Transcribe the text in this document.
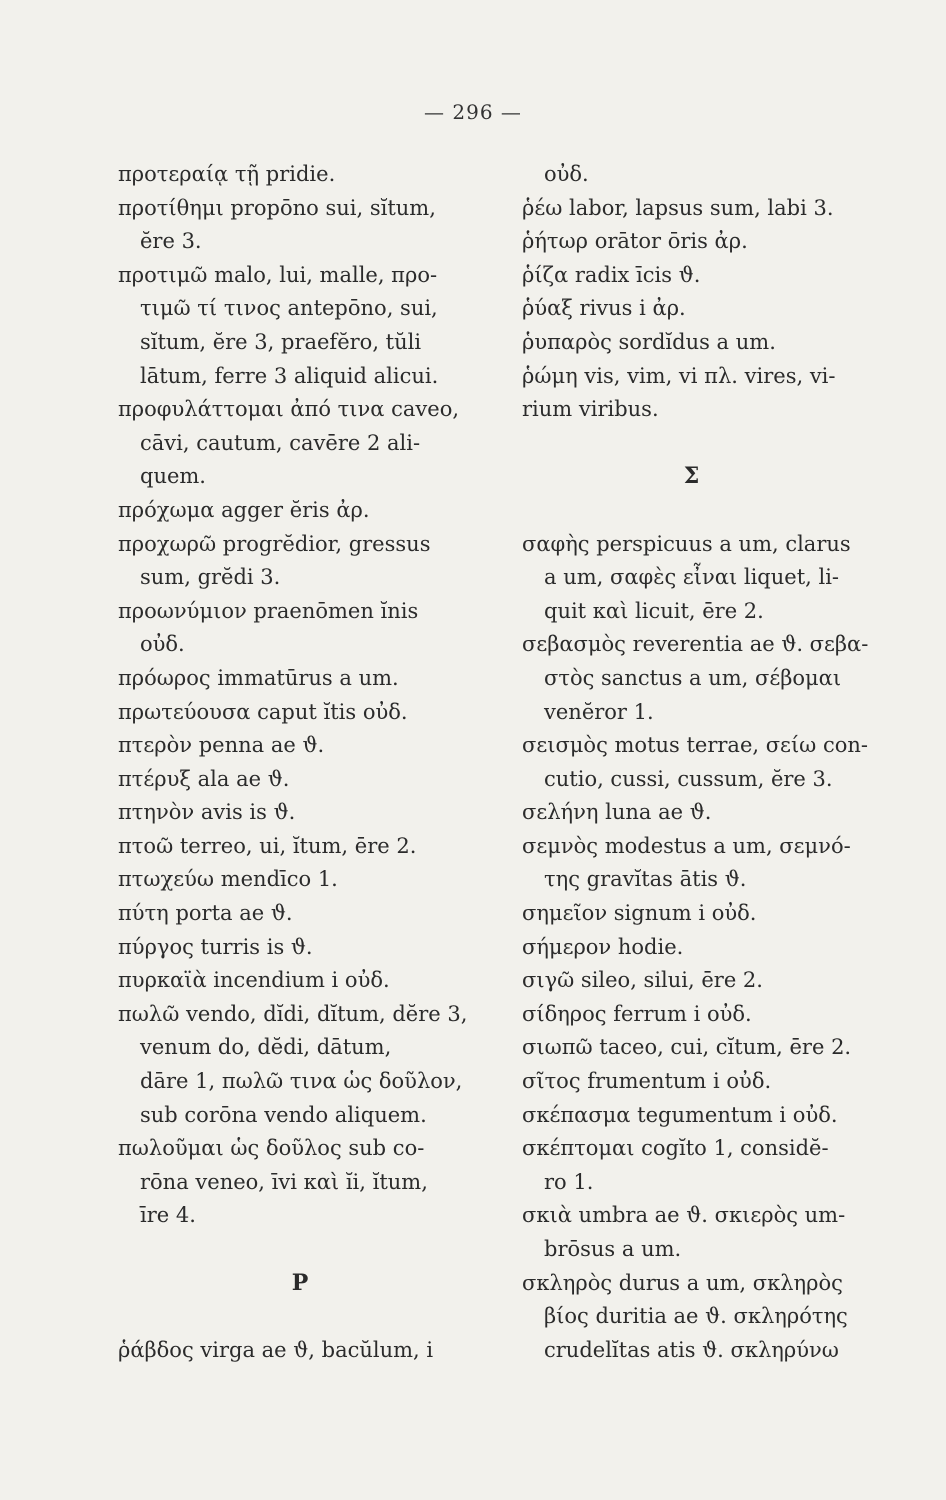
— 296 —
προτεραίᾳ τῇ pridie.
προτίθημι propōno sui, sĭtum,
ĕre 3.
προτιμῶ malo, lui, malle, προ-
τιμῶ τί τινος antepōno, sui,
sĭtum, ĕre 3, praefĕro, tŭli
lātum, ferre 3 aliquid alicui.
προφυλάττομαι ἀπό τινα caveo,
cāvi, cautum, cavēre 2 ali-
quem.
πρόχωμα agger ĕris ἀρ.
προχωρῶ progrĕdior, gressus
sum, grĕdi 3.
προωνύμιον praenōmen ĭnis
οὐδ.
πρόωρος immatūrus a um.
πρωτεύουσα caput ĭtis οὐδ.
πτερὸν penna ae ϑ.
πτέρυξ ala ae ϑ.
πτηνὸν avis is ϑ.
πτοῶ terreo, ui, ĭtum, ēre 2.
πτωχεύω mendīco 1.
πύτη porta ae ϑ.
πύργος turris is ϑ.
πυρκαϊὰ incendium i οὐδ.
πωλῶ vendo, dĭdi, dĭtum, dĕre 3,
venum do, dĕdi, dātum,
dāre 1, πωλῶ τινα ὡς δοῦλον,
sub corōna vendo aliquem.
πωλοῦμαι ὡς δοῦλος sub co-
rōna veneo, īvi καὶ ĭi, ĭtum,
īre 4.
Ρ
ῥάβδος virga ae ϑ, bacŭlum, i
οὐδ.
ῥέω labor, lapsus sum, labi 3.
ῥήτωρ orātor ōris ἀρ.
ῥίζα radix īcis ϑ.
ῥύαξ rivus i ἀρ.
ῥυπαρὸς sordĭdus a um.
ῥώμη vis, vim, vi πλ. vires, vi-
rium viribus.
Σ
σαφὴς perspicuus a um, clarus
a um, σαφὲς εἶναι liquet, li-
quit καὶ licuit, ēre 2.
σεβασμὸς reverentia ae ϑ. σεβα-
στὸς sanctus a um, σέβομαι
venĕror 1.
σεισμὸς motus terrae, σείω con-
cutio, cussi, cussum, ĕre 3.
σελήνη luna ae ϑ.
σεμνὸς modestus a um, σεμνό-
της gravĭtas ātis ϑ.
σημεῖον signum i οὐδ.
σήμερον hodie.
σιγῶ sileo, silui, ēre 2.
σίδηρος ferrum i οὐδ.
σιωπῶ taceo, cui, cĭtum, ēre 2.
σῖτος frumentum i οὐδ.
σκέπασμα tegumentum i οὐδ.
σκέπτομαι cogĭto 1, considĕ-
ro 1.
σκιὰ umbra ae ϑ. σκιερὸς um-
brōsus a um.
σκληρὸς durus a um, σκληρὸς
βίος duritia ae ϑ. σκληρότης
crudelĭtas atis ϑ. σκληρύνω
